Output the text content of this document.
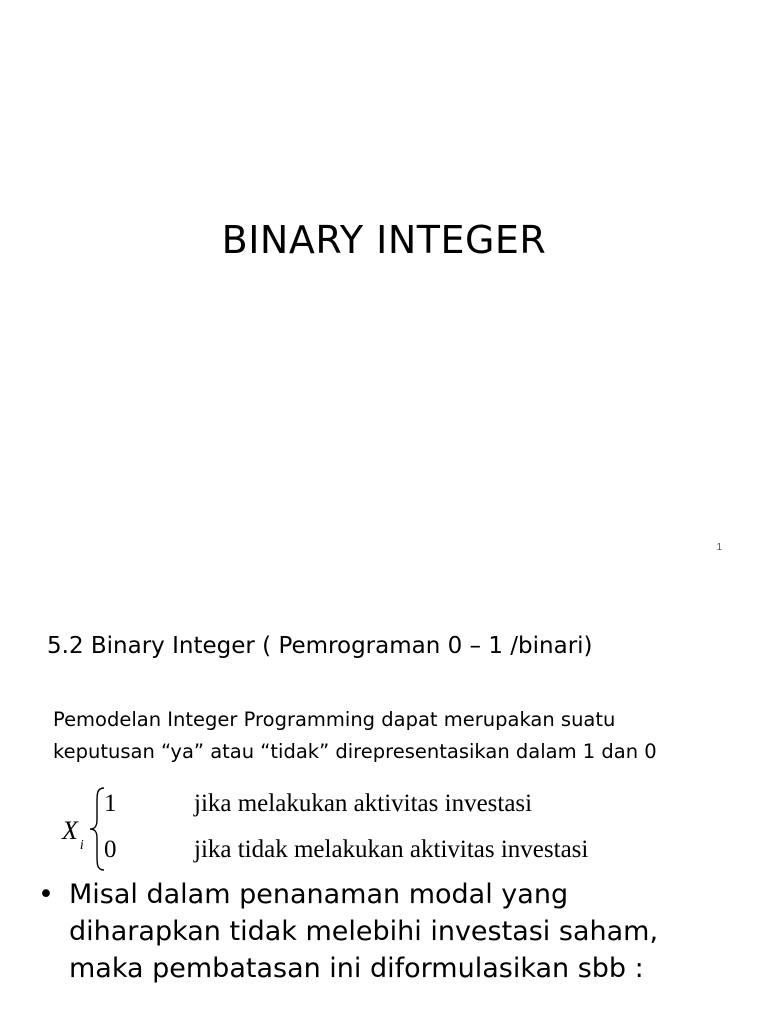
BINARY INTEGER
1
5.2 Binary Integer ( Pemrograman 0 – 1 /binari)
Pemodelan Integer Programming dapat merupakan suatu
keputusan “ya” atau “tidak” direpresentasikan dalam 1 dan 0
$X_i$
1	jika melakukan aktivitas investasi
0	jika tidak melakukan aktivitas investasi
• Misal dalam penanaman modal yang
diharapkan tidak melebihi investasi saham,
maka pembatasan ini diformulasikan sbb :
